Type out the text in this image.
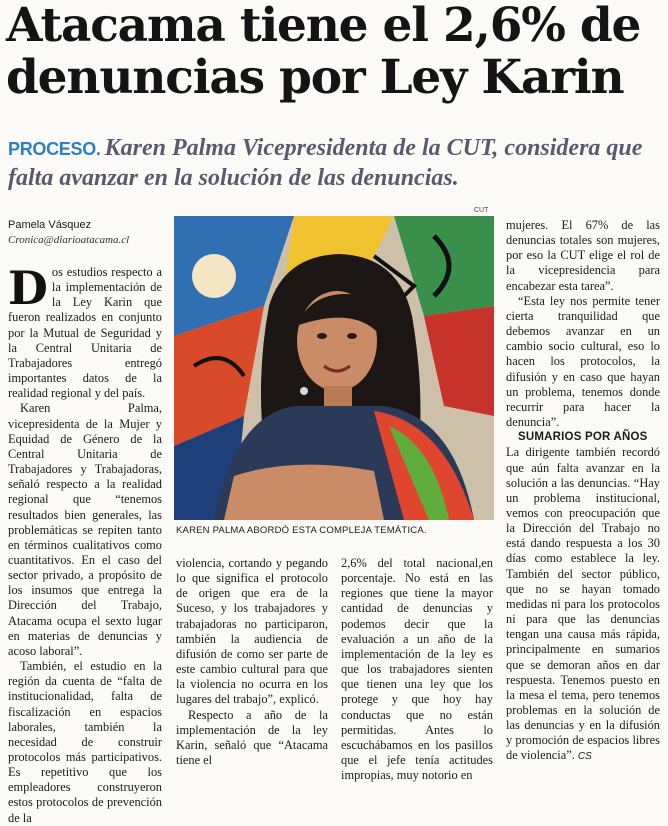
Atacama tiene el 2,6% de
denuncias por Ley Karin
PROCESO. Karen Palma Vicepresidenta de la CUT, considera que falta avanzar en la solución de las denuncias.
Pamela Vásquez
Cronica@diarioatacama.cl
CUT
KAREN PALMA ABORDÓ ESTA COMPLEJA TEMÁTICA.

Dos estudios respecto a la implementación de la Ley Karin que fueron realizados en conjunto por la Mutual de Seguridad y la Central Unitaria de Trabajadores entregó importantes datos de la realidad regional y del país.

Karen Palma, vicepresidenta de la Mujer y Equidad de Género de la Central Unitaria de Trabajadores y Trabajadoras, señaló respecto a la realidad regional que “tenemos resultados bien generales, las problemáticas se repiten tanto en términos cualitativos como cuantitativos. En el caso del sector privado, a propósito de los insumos que entrega la Dirección del Trabajo, Atacama ocupa el sexto lugar en materias de denuncias y acoso laboral”.

También, el estudio en la región da cuenta de “falta de institucionalidad, falta de fiscalización en espacios laborales, también la necesidad de construir protocolos más participativos. Es repetitivo que los empleadores construyeron estos protocolos de prevención de la

violencia, cortando y pegando lo que significa el protocolo de origen que era de la Suceso, y los trabajadores y trabajadoras no participaron, también la audiencia de difusión de como ser parte de este cambio cultural para que la violencia no ocurra en los lugares del trabajo”, explicó.

Respecto a año de la implementación de la ley Karin, señaló que “Atacama tiene el

2,6% del total nacional,en porcentaje. No está en las regiones que tiene la mayor cantidad de denuncias y podemos decir que la evaluación a un año de la implementación de la ley es que los trabajadores sienten que tienen una ley que los protege y que hoy hay conductas que no están permitidas. Antes lo escuchábamos en los pasillos que el jefe tenía actitudes impropias, muy notorio en

mujeres. El 67% de las denuncias totales son mujeres, por eso la CUT elige el rol de la vicepresidencia para encabezar esta tarea”.

“Esta ley nos permite tener cierta tranquilidad que debemos avanzar en un cambio socio cultural, eso lo hacen los protocolos, la difusión y en caso que hayan un problema, tenemos donde recurrir para hacer la denuncia”.

SUMARIOS POR AÑOS

La dirigente también recordó que aún falta avanzar en la solución a las denuncias. “Hay un problema institucional, vemos con preocupación que la Dirección del Trabajo no está dando respuesta a los 30 días como establece la ley. También del sector público, que no se hayan tomado medidas ni para los protocolos ni para que las denuncias tengan una causa más rápida, principalmente en sumarios que se demoran años en dar respuesta. Tenemos puesto en la mesa el tema, pero tenemos problemas en la solución de las denuncias y en la difusión y promoción de espacios libres de violencia”. CS
